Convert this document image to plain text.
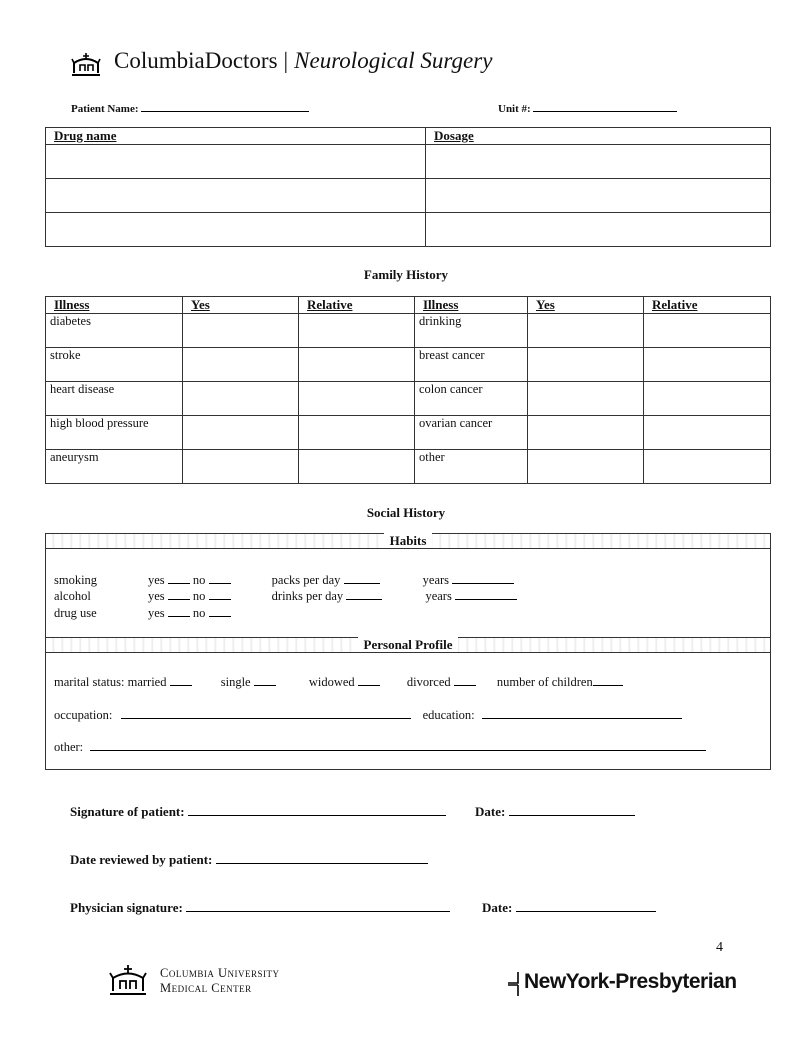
ColumbiaDoctors | Neurological Surgery
Patient Name:	Unit #:
Drug name	Dosage

Family History
Illness	Yes	Relative	Illness	Yes	Relative
diabetes			drinking		
stroke			breast cancer		
heart disease			colon cancer		
high blood pressure			ovarian cancer		
aneurysm			other		
Social History
Habits
smoking	yes no	packs per day	years
alcohol	yes no	drinks per day	years
drug use	yes no
Personal Profile
marital status: married	single	widowed	divorced	number of children
occupation:	education:
other:
Signature of patient:	Date:
Date reviewed by patient:
Physician signature:	Date:
4
Columbia University
Medical Center	NewYork-Presbyterian
